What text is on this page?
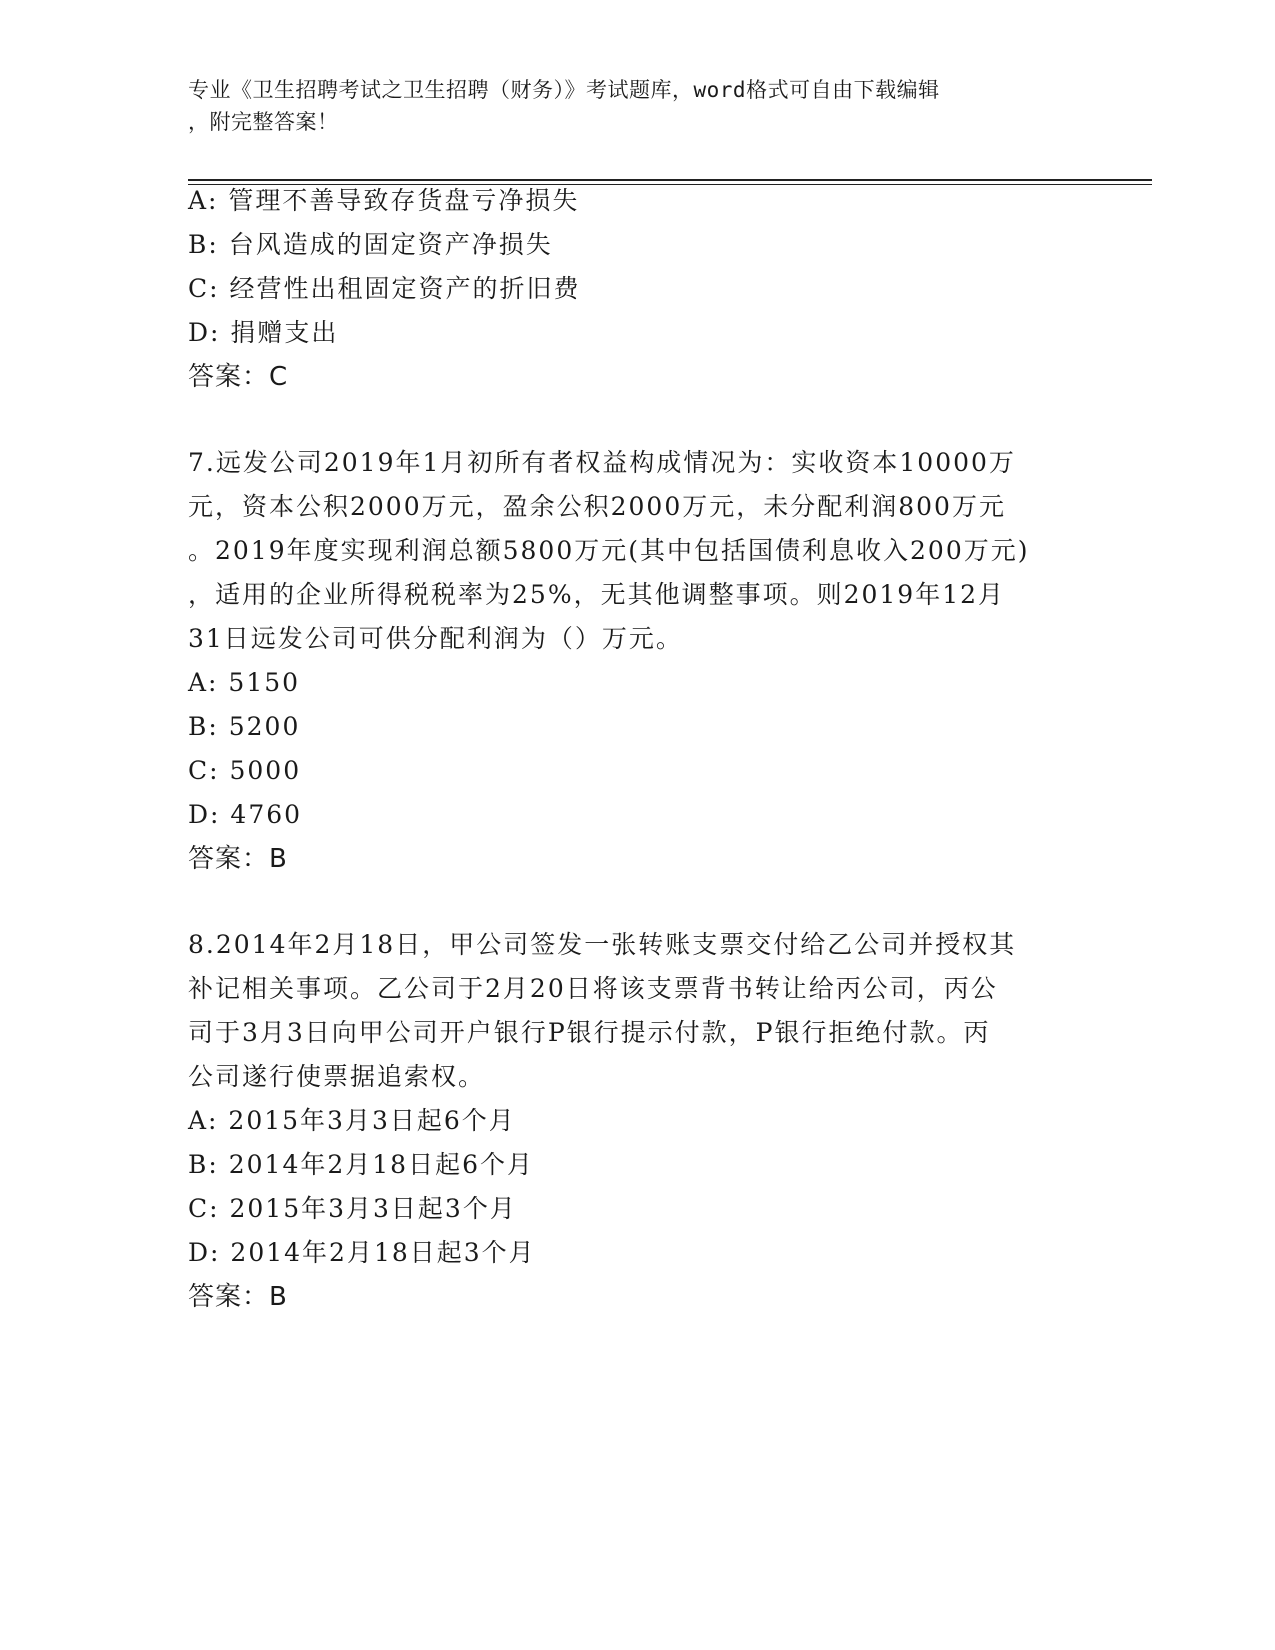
专业《卫生招聘考试之卫生招聘（财务）》考试题库，word格式可自由下载编辑
，附完整答案！
A: 管理不善导致存货盘亏净损失
B: 台风造成的固定资产净损失
C: 经营性出租固定资产的折旧费
D: 捐赠支出
答案：C
7.远发公司2019年1月初所有者权益构成情况为：实收资本10000万
元，资本公积2000万元，盈余公积2000万元，未分配利润800万元
。2019年度实现利润总额5800万元(其中包括国债利息收入200万元)
，适用的企业所得税税率为25%，无其他调整事项。则2019年12月
31日远发公司可供分配利润为（）万元。
A: 5150
B: 5200
C: 5000
D: 4760
答案：B
8.2014年2月18日，甲公司签发一张转账支票交付给乙公司并授权其
补记相关事项。乙公司于2月20日将该支票背书转让给丙公司，丙公
司于3月3日向甲公司开户银行P银行提示付款，P银行拒绝付款。丙
公司遂行使票据追索权。
A: 2015年3月3日起6个月
B: 2014年2月18日起6个月
C: 2015年3月3日起3个月
D: 2014年2月18日起3个月
答案：B
